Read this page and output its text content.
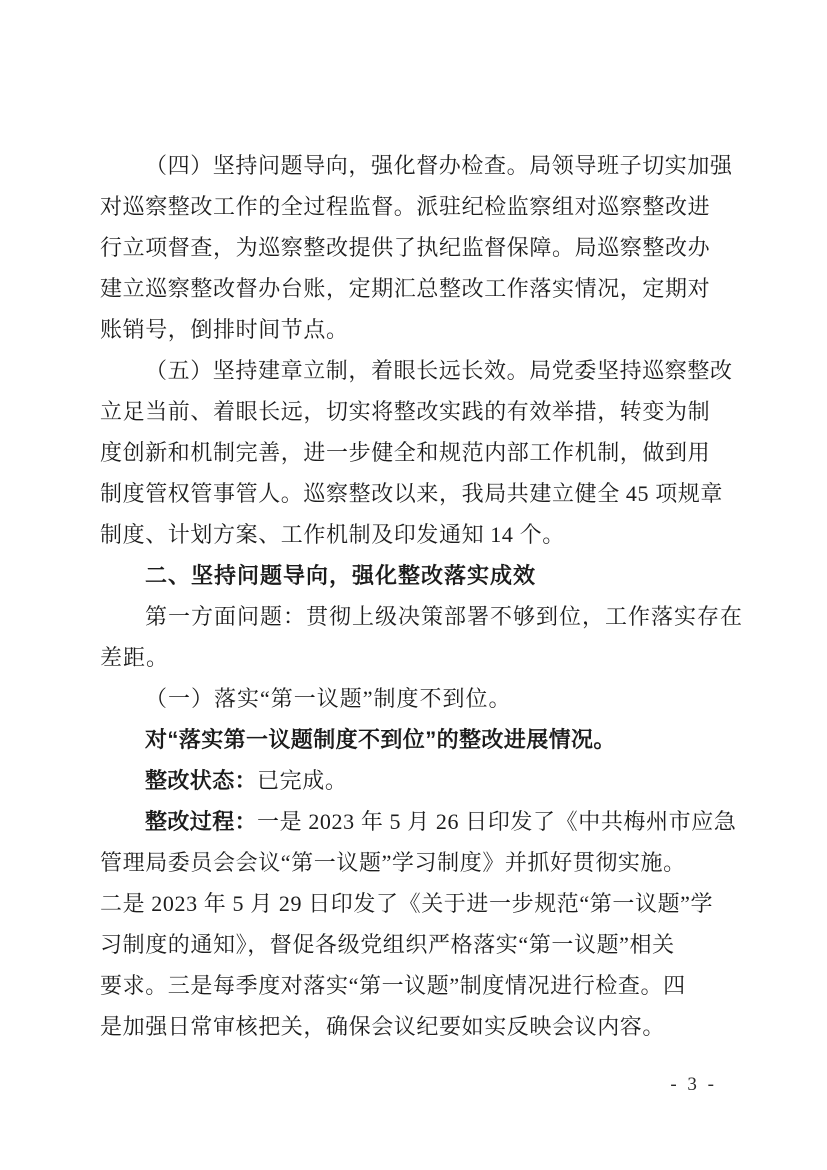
（四）坚持问题导向，强化督办检查。局领导班子切实加强
对巡察整改工作的全过程监督。派驻纪检监察组对巡察整改进
行立项督查，为巡察整改提供了执纪监督保障。局巡察整改办
建立巡察整改督办台账，定期汇总整改工作落实情况，定期对
账销号，倒排时间节点。
（五）坚持建章立制，着眼长远长效。局党委坚持巡察整改
立足当前、着眼长远，切实将整改实践的有效举措，转变为制
度创新和机制完善，进一步健全和规范内部工作机制，做到用
制度管权管事管人。巡察整改以来，我局共建立健全 45 项规章
制度、计划方案、工作机制及印发通知 14 个。
二、坚持问题导向，强化整改落实成效
第一方面问题：贯彻上级决策部署不够到位，工作落实存在
差距。
（一）落实“第一议题”制度不到位。
对“落实第一议题制度不到位”的整改进展情况。
整改状态：已完成。
整改过程：一是 2023 年 5 月 26 日印发了《中共梅州市应急
管理局委员会会议“第一议题”学习制度》并抓好贯彻实施。
二是 2023 年 5 月 29 日印发了《关于进一步规范“第一议题”学
习制度的通知》，督促各级党组织严格落实“第一议题”相关
要求。三是每季度对落实“第一议题”制度情况进行检查。四
是加强日常审核把关，确保会议纪要如实反映会议内容。
- 3 -
